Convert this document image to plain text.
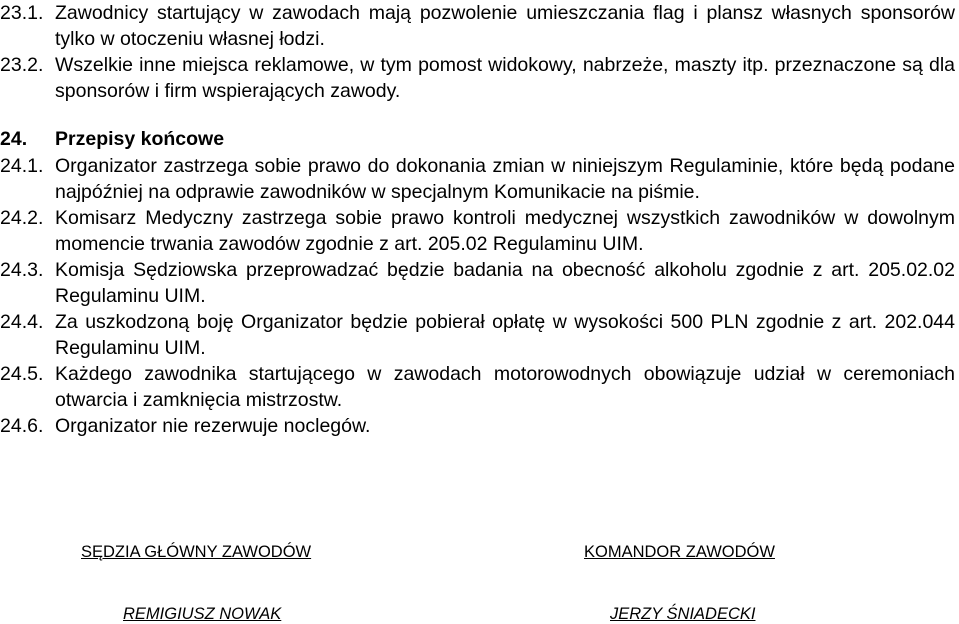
23.1. Zawodnicy startujący w zawodach mają pozwolenie umieszczania flag i plansz własnych sponsorów tylko w otoczeniu własnej łodzi.

23.2. Wszelkie inne miejsca reklamowe, w tym pomost widokowy, nabrzeże, maszty itp. przeznaczone są dla sponsorów i firm wspierających zawody.

24. Przepisy końcowe

24.1. Organizator zastrzega sobie prawo do dokonania zmian w niniejszym Regulaminie, które będą podane najpóźniej na odprawie zawodników w specjalnym Komunikacie na piśmie.

24.2. Komisarz Medyczny zastrzega sobie prawo kontroli medycznej wszystkich zawodników w dowolnym momencie trwania zawodów zgodnie z art. 205.02 Regulaminu UIM.

24.3. Komisja Sędziowska przeprowadzać będzie badania na obecność alkoholu zgodnie z art. 205.02.02 Regulaminu UIM.

24.4. Za uszkodzoną boję Organizator będzie pobierał opłatę w wysokości 500 PLN zgodnie z art. 202.044 Regulaminu UIM.

24.5. Każdego zawodnika startującego w zawodach motorowodnych obowiązuje udział w ceremoniach otwarcia i zamknięcia mistrzostw.

24.6. Organizator nie rezerwuje noclegów.

SĘDZIA GŁÓWNY ZAWODÓW
REMIGIUSZ NOWAK
KOMANDOR ZAWODÓW
JERZY ŚNIADECKI
